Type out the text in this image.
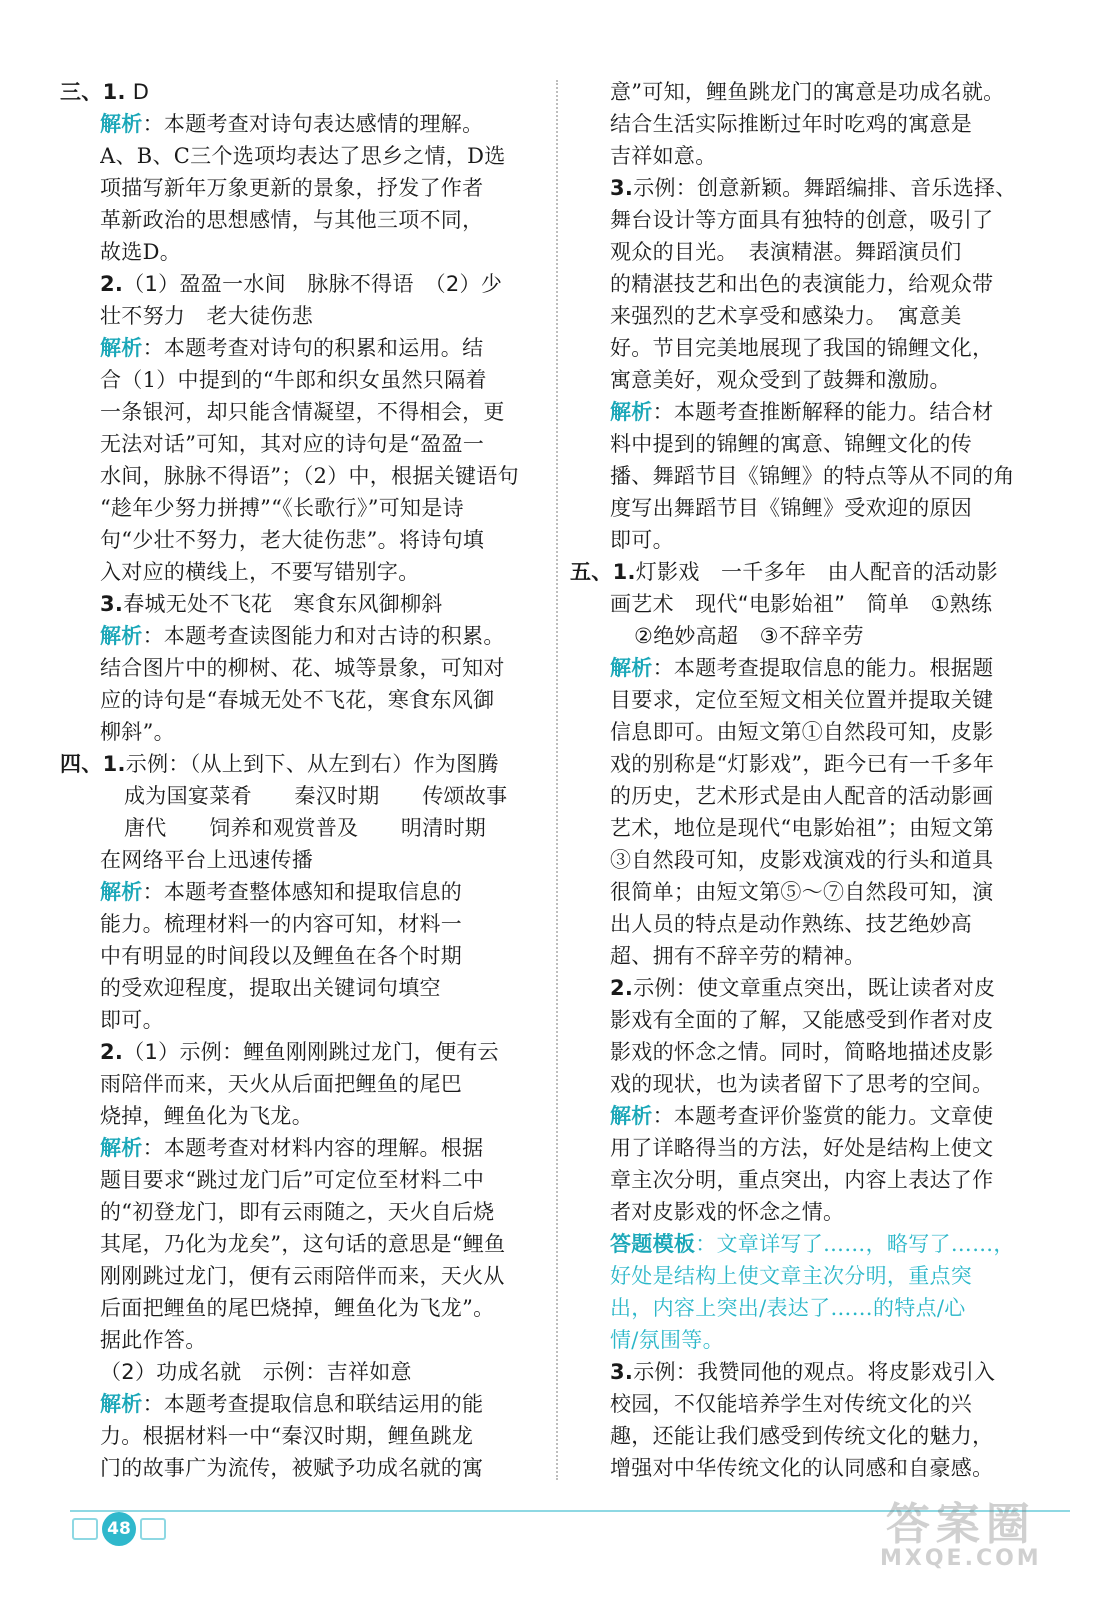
三、1. D
解析：本题考查对诗句表达感情的理解。
A、B、C三个选项均表达了思乡之情，D选
项描写新年万象更新的景象，抒发了作者
革新政治的思想感情，与其他三项不同，
故选D。
2.（1）盈盈一水间　脉脉不得语　（2）少
壮不努力　老大徒伤悲
解析：本题考查对诗句的积累和运用。结
合（1）中提到的“牛郎和织女虽然只隔着
一条银河，却只能含情凝望，不得相会，更
无法对话”可知，其对应的诗句是“盈盈一
水间，脉脉不得语”；（2）中，根据关键语句
“趁年少努力拼搏”“《长歌行》”可知是诗
句“少壮不努力，老大徒伤悲”。将诗句填
入对应的横线上，不要写错别字。
3.春城无处不飞花　寒食东风御柳斜
解析：本题考查读图能力和对古诗的积累。
结合图片中的柳树、花、城等景象，可知对
应的诗句是“春城无处不飞花，寒食东风御
柳斜”。
四、1.示例：（从上到下、从左到右）作为图腾
成为国宴菜肴　　秦汉时期　　传颂故事
唐代　　饲养和观赏普及　　明清时期
在网络平台上迅速传播
解析：本题考查整体感知和提取信息的
能力。梳理材料一的内容可知，材料一
中有明显的时间段以及鲤鱼在各个时期
的受欢迎程度，提取出关键词句填空
即可。
2.（1）示例：鲤鱼刚刚跳过龙门，便有云
雨陪伴而来，天火从后面把鲤鱼的尾巴
烧掉，鲤鱼化为飞龙。
解析：本题考查对材料内容的理解。根据
题目要求“跳过龙门后”可定位至材料二中
的“初登龙门，即有云雨随之，天火自后烧
其尾，乃化为龙矣”，这句话的意思是“鲤鱼
刚刚跳过龙门，便有云雨陪伴而来，天火从
后面把鲤鱼的尾巴烧掉，鲤鱼化为飞龙”。
据此作答。
（2）功成名就　示例：吉祥如意
解析：本题考查提取信息和联结运用的能
力。根据材料一中“秦汉时期，鲤鱼跳龙
门的故事广为流传，被赋予功成名就的寓
意”可知，鲤鱼跳龙门的寓意是功成名就。
结合生活实际推断过年时吃鸡的寓意是
吉祥如意。
3.示例：创意新颖。舞蹈编排、音乐选择、
舞台设计等方面具有独特的创意，吸引了
观众的目光。　表演精湛。舞蹈演员们
的精湛技艺和出色的表演能力，给观众带
来强烈的艺术享受和感染力。　寓意美
好。节目完美地展现了我国的锦鲤文化，
寓意美好，观众受到了鼓舞和激励。
解析：本题考查推断解释的能力。结合材
料中提到的锦鲤的寓意、锦鲤文化的传
播、舞蹈节目《锦鲤》的特点等从不同的角
度写出舞蹈节目《锦鲤》受欢迎的原因
即可。
五、1.灯影戏　一千多年　由人配音的活动影
画艺术　现代“电影始祖”　简单　①熟练
②绝妙高超　③不辞辛劳
解析：本题考查提取信息的能力。根据题
目要求，定位至短文相关位置并提取关键
信息即可。由短文第①自然段可知，皮影
戏的别称是“灯影戏”，距今已有一千多年
的历史，艺术形式是由人配音的活动影画
艺术，地位是现代“电影始祖”；由短文第
③自然段可知，皮影戏演戏的行头和道具
很简单；由短文第⑤～⑦自然段可知，演
出人员的特点是动作熟练、技艺绝妙高
超、拥有不辞辛劳的精神。
2.示例：使文章重点突出，既让读者对皮
影戏有全面的了解，又能感受到作者对皮
影戏的怀念之情。同时，简略地描述皮影
戏的现状，也为读者留下了思考的空间。
解析：本题考查评价鉴赏的能力。文章使
用了详略得当的方法，好处是结构上使文
章主次分明，重点突出，内容上表达了作
者对皮影戏的怀念之情。
答题模板：文章详写了……，略写了……，
好处是结构上使文章主次分明，重点突
出，内容上突出/表达了……的特点/心
情/氛围等。
3.示例：我赞同他的观点。将皮影戏引入
校园，不仅能培养学生对传统文化的兴
趣，还能让我们感受到传统文化的魅力，
增强对中华传统文化的认同感和自豪感。
48	答案圈
MXQE.COM
